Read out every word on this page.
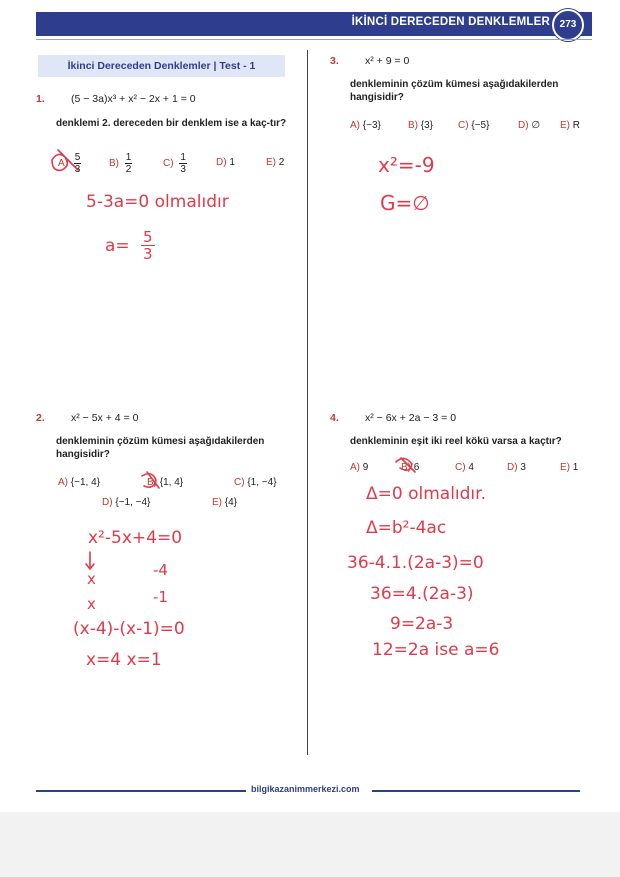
İKİNCİ DERECEDEN DENKLEMLER 273
İkinci Dereceden Denklemler | Test - 1
1. (5 − 3a)x³ + x² − 2x + 1 = 0
denklemi 2. dereceden bir denklem ise a kaç-tır?
$A) \frac{5}{3}$	$B) \frac{1}{2}$	$C) \frac{1}{3}$	D) 1	E) 2
5-3a=0 olmalıdır
$a= \frac{5}{3}$
2. x² − 5x + 4 = 0
denkleminin çözüm kümesi aşağıdakilerden hangisidir?
A) {−1, 4}	B) {1, 4}	C) {1, −4}
D) {−1, −4}	E) {4}
x²-5x+4=0
-4
x
-1
x
(x-4)-(x-1)=0
x=4 x=1
3. x² + 9 = 0
denkleminin çözüm kümesi aşağıdakilerden hangisidir?
A) {−3}	B) {3} C) {−5}	D) ∅ E) R
x²=-9
G=∅
4. x² − 6x + 2a − 3 = 0
denkleminin eşit iki reel kökü varsa a kaçtır?
A) 9	B) 6	C) 4	D) 3	E) 1
Δ=0 olmalıdır.
Δ=b²-4ac
36-4.1.(2a-3)=0
36=4.(2a-3)
9=2a-3
12=2a ise a=6
bilgikazanimmerkezi.com
